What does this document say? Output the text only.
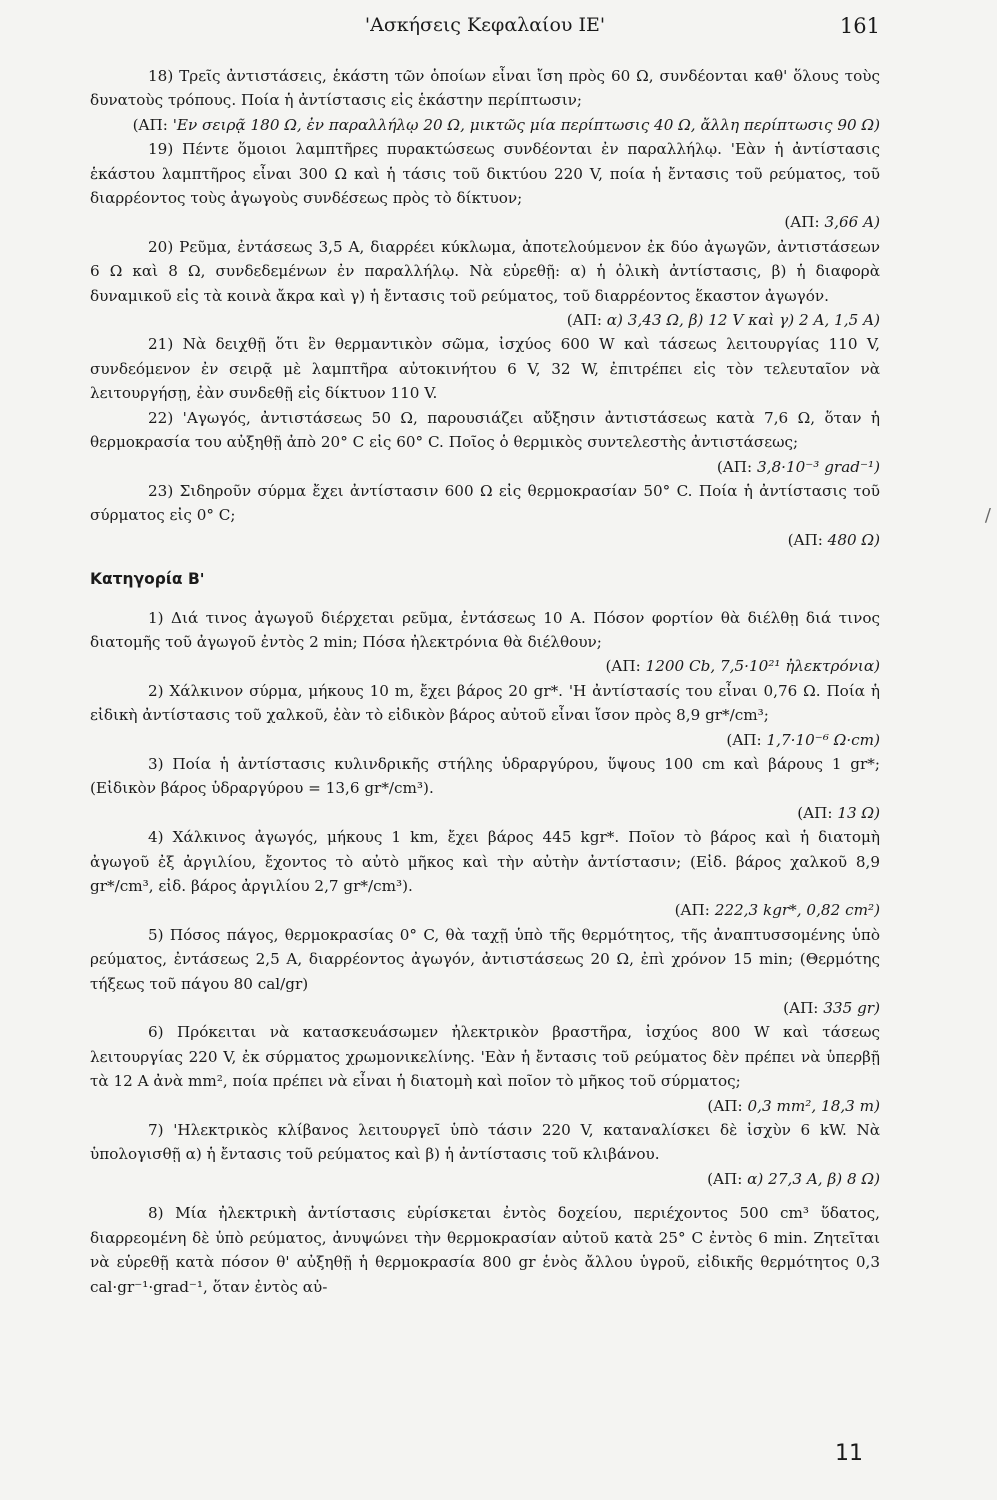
'Ασκήσεις Κεφαλαίου ΙΕ'	161
/

18) Τρεῖς ἀντιστάσεις, ἑκάστη τῶν ὁποίων εἶναι ἴση πρὸς 60 Ω, συνδέονται καθ' ὅλους τοὺς δυνατοὺς τρόπους. Ποία ἡ ἀντίστασις εἰς ἑκάστην περίπτωσιν;

(ΑΠ: 'Εν σειρᾷ 180 Ω, ἐν παραλλήλῳ 20 Ω, μικτῶς μία περίπτωσις 40 Ω, ἄλλη περίπτωσις 90 Ω)

19) Πέντε ὅμοιοι λαμπτῆρες πυρακτώσεως συνδέονται ἐν παραλλήλῳ. 'Εὰν ἡ ἀντίστασις ἑκάστου λαμπτῆρος εἶναι 300 Ω καὶ ἡ τάσις τοῦ δικτύου 220 V, ποία ἡ ἔντασις τοῦ ρεύματος, τοῦ διαρρέοντος τοὺς ἀγωγοὺς συνδέσεως πρὸς τὸ δίκτυον;

(ΑΠ: 3,66 A)

20) Ρεῦμα, ἐντάσεως 3,5 A, διαρρέει κύκλωμα, ἀποτελούμενον ἐκ δύο ἀγωγῶν, ἀντιστάσεων 6 Ω καὶ 8 Ω, συνδεδεμένων ἐν παραλλήλῳ. Νὰ εὑρεθῇ: α) ἡ ὁλικὴ ἀντίστασις, β) ἡ διαφορὰ δυναμικοῦ εἰς τὰ κοινὰ ἄκρα καὶ γ) ἡ ἔντασις τοῦ ρεύματος, τοῦ διαρρέοντος ἕκαστον ἀγωγόν.

(ΑΠ: α) 3,43 Ω, β) 12 V καὶ γ) 2 A, 1,5 A)

21) Νὰ δειχθῇ ὅτι ἓν θερμαντικὸν σῶμα, ἰσχύος 600 W καὶ τάσεως λειτουργίας 110 V, συνδεόμενον ἐν σειρᾷ μὲ λαμπτῆρα αὐτοκινήτου 6 V, 32 W, ἐπιτρέπει εἰς τὸν τελευταῖον νὰ λειτουργήσῃ, ἐὰν συνδεθῇ εἰς δίκτυον 110 V.

22) 'Αγωγός, ἀντιστάσεως 50 Ω, παρουσιάζει αὔξησιν ἀντιστάσεως κατὰ 7,6 Ω, ὅταν ἡ θερμοκρασία του αὐξηθῇ ἀπὸ 20° C εἰς 60° C. Ποῖος ὁ θερμικὸς συντελεστὴς ἀντιστάσεως;

(ΑΠ: 3,8·10⁻³ grad⁻¹)

23) Σιδηροῦν σύρμα ἔχει ἀντίστασιν 600 Ω εἰς θερμοκρασίαν 50° C. Ποία ἡ ἀντίστασις τοῦ σύρματος εἰς 0° C;

(ΑΠ: 480 Ω)

Κατηγορία Β'

1) Διά τινος ἀγωγοῦ διέρχεται ρεῦμα, ἐντάσεως 10 A. Πόσον φορτίον θὰ διέλθῃ διά τινος διατομῆς τοῦ ἀγωγοῦ ἐντὸς 2 min; Πόσα ἠλεκτρόνια θὰ διέλθουν;

(ΑΠ: 1200 Cb, 7,5·10²¹ ἠλεκτρόνια)

2) Χάλκινον σύρμα, μήκους 10 m, ἔχει βάρος 20 gr*. 'Η ἀντίστασίς του εἶναι 0,76 Ω. Ποία ἡ εἰδικὴ ἀντίστασις τοῦ χαλκοῦ, ἐὰν τὸ εἰδικὸν βάρος αὐτοῦ εἶναι ἴσον πρὸς 8,9 gr*/cm³;

(ΑΠ: 1,7·10⁻⁶ Ω·cm)

3) Ποία ἡ ἀντίστασις κυλινδρικῆς στήλης ὑδραργύρου, ὕψους 100 cm καὶ βάρους 1 gr*; (Εἰδικὸν βάρος ὑδραργύρου = 13,6 gr*/cm³).

(ΑΠ: 13 Ω)

4) Χάλκινος ἀγωγός, μήκους 1 km, ἔχει βάρος 445 kgr*. Ποῖον τὸ βάρος καὶ ἡ διατομὴ ἀγωγοῦ ἐξ ἀργιλίου, ἔχοντος τὸ αὐτὸ μῆκος καὶ τὴν αὐτὴν ἀντίστασιν; (Εἰδ. βάρος χαλκοῦ 8,9 gr*/cm³, εἰδ. βάρος ἀργιλίου 2,7 gr*/cm³).

(ΑΠ: 222,3 kgr*, 0,82 cm²)

5) Πόσος πάγος, θερμοκρασίας 0° C, θὰ ταχῇ ὑπὸ τῆς θερμότητος, τῆς ἀναπτυσσομένης ὑπὸ ρεύματος, ἐντάσεως 2,5 A, διαρρέοντος ἀγωγόν, ἀντιστάσεως 20 Ω, ἐπὶ χρόνον 15 min; (Θερμότης τήξεως τοῦ πάγου 80 cal/gr)

(ΑΠ: 335 gr)

6) Πρόκειται νὰ κατασκευάσωμεν ἠλεκτρικὸν βραστῆρα, ἰσχύος 800 W καὶ τάσεως λειτουργίας 220 V, ἐκ σύρματος χρωμονικελίνης. 'Εὰν ἡ ἔντασις τοῦ ρεύματος δὲν πρέπει νὰ ὑπερβῇ τὰ 12 A ἀνὰ mm², ποία πρέπει νὰ εἶναι ἡ διατομὴ καὶ ποῖον τὸ μῆκος τοῦ σύρματος;

(ΑΠ: 0,3 mm², 18,3 m)

7) 'Ηλεκτρικὸς κλίβανος λειτουργεῖ ὑπὸ τάσιν 220 V, καταναλίσκει δὲ ἰσχὺν 6 kW. Νὰ ὑπολογισθῇ α) ἡ ἔντασις τοῦ ρεύματος καὶ β) ἡ ἀντίστασις τοῦ κλιβάνου.

(ΑΠ: α) 27,3 A, β) 8 Ω)

8) Μία ἠλεκτρικὴ ἀντίστασις εὑρίσκεται ἐντὸς δοχείου, περιέχοντος 500 cm³ ὕδατος, διαρρεομένη δὲ ὑπὸ ρεύματος, ἀνυψώνει τὴν θερμοκρασίαν αὐτοῦ κατὰ 25° C ἐντὸς 6 min. Ζητεῖται νὰ εὑρεθῇ κατὰ πόσον θ' αὐξηθῇ ἡ θερμοκρασία 800 gr ἑνὸς ἄλλου ὑγροῦ, εἰδικῆς θερμότητος 0,3 cal·gr⁻¹·grad⁻¹, ὅταν ἐντὸς αὐ-

11
